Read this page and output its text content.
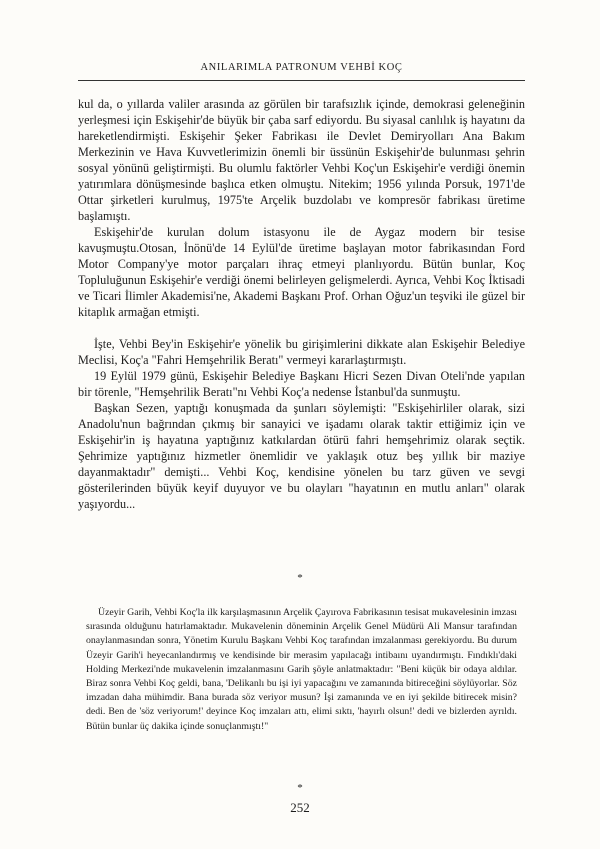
ANILARIMLA PATRONUM VEHBİ KOÇ

kul da, o yıllarda valiler arasında az görülen bir tarafsızlık içinde, demokrasi geleneğinin yerleşmesi için Eskişehir'de büyük bir çaba sarf ediyordu. Bu siyasal canlılık iş hayatını da hareketlendirmişti. Eskişehir Şeker Fabrikası ile Devlet Demiryolları Ana Bakım Merkezinin ve Hava Kuvvetlerimizin önemli bir üssünün Eskişehir'de bulunması şehrin sosyal yönünü geliştirmişti. Bu olumlu faktörler Vehbi Koç'un Eskişehir'e verdiği önemin yatırımlara dönüşmesinde başlıca etken olmuştu. Nitekim; 1956 yılında Porsuk, 1971'de Ottar şirketleri kurulmuş, 1975'te Arçelik buzdolabı ve kompresör fabrikası üretime başlamıştı.

Eskişehir'de kurulan dolum istasyonu ile de Aygaz modern bir tesise kavuşmuştu.Otosan, İnönü'de 14 Eylül'de üretime başlayan motor fabrikasından Ford Motor Company'ye motor parçaları ihraç etmeyi planlıyordu. Bütün bunlar, Koç Topluluğunun Eskişehir'e verdiği önemi belirleyen gelişmelerdi. Ayrıca, Vehbi Koç İktisadi ve Ticari İlimler Akademisi'ne, Akademi Başkanı Prof. Orhan Oğuz'un teşviki ile güzel bir kitaplık armağan etmişti.

İşte, Vehbi Bey'in Eskişehir'e yönelik bu girişimlerini dikkate alan Eskişehir Belediye Meclisi, Koç'a "Fahri Hemşehrilik Beratı" vermeyi kararlaştırmıştı.

19 Eylül 1979 günü, Eskişehir Belediye Başkanı Hicri Sezen Divan Oteli'nde yapılan bir törenle, "Hemşehrilik Beratı"nı Vehbi Koç'a nedense İstanbul'da sunmuştu.

Başkan Sezen, yaptığı konuşmada da şunları söylemişti: "Eskişehirliler olarak, sizi Anadolu'nun bağrından çıkmış bir sanayici ve işadamı olarak taktir ettiğimiz için ve Eskişehir'in iş hayatına yaptığınız katkılardan ötürü fahri hemşehrimiz olarak seçtik. Şehrimize yaptığınız hizmetler önemlidir ve yaklaşık otuz beş yıllık bir maziye dayanmaktadır" demişti... Vehbi Koç, kendisine yönelen bu tarz güven ve sevgi gösterilerinden büyük keyif duyuyor ve bu olayları "hayatının en mutlu anları" olarak yaşıyordu...

*

Üzeyir Garih, Vehbi Koç'la ilk karşılaşmasının Arçelik Çayırova Fabrikasının tesisat mukavelesinin imzası sırasında olduğunu hatırlamaktadır. Mukavelenin döneminin Arçelik Genel Müdürü Ali Mansur tarafından onaylanmasından sonra, Yönetim Kurulu Başkanı Vehbi Koç tarafından imzalanması gerekiyordu. Bu durum Üzeyir Garih'i heyecanlandırmış ve kendisinde bir merasim yapılacağı intibaını uyandırmıştı. Fındıklı'daki Holding Merkezi'nde mukavelenin imzalanmasını Garih şöyle anlatmaktadır: "Beni küçük bir odaya aldılar. Biraz sonra Vehbi Koç geldi, bana, 'Delikanlı bu işi iyi yapacağını ve zamanında bitireceğini söylüyorlar. Söz imzadan daha mühimdir. Bana burada söz veriyor musun? İşi zamanında ve en iyi şekilde bitirecek misin? dedi. Ben de 'söz veriyorum!' deyince Koç imzaları attı, elimi sıktı, 'hayırlı olsun!' dedi ve bizlerden ayrıldı. Bütün bunlar üç dakika içinde sonuçlanmıştı!"

*
252
